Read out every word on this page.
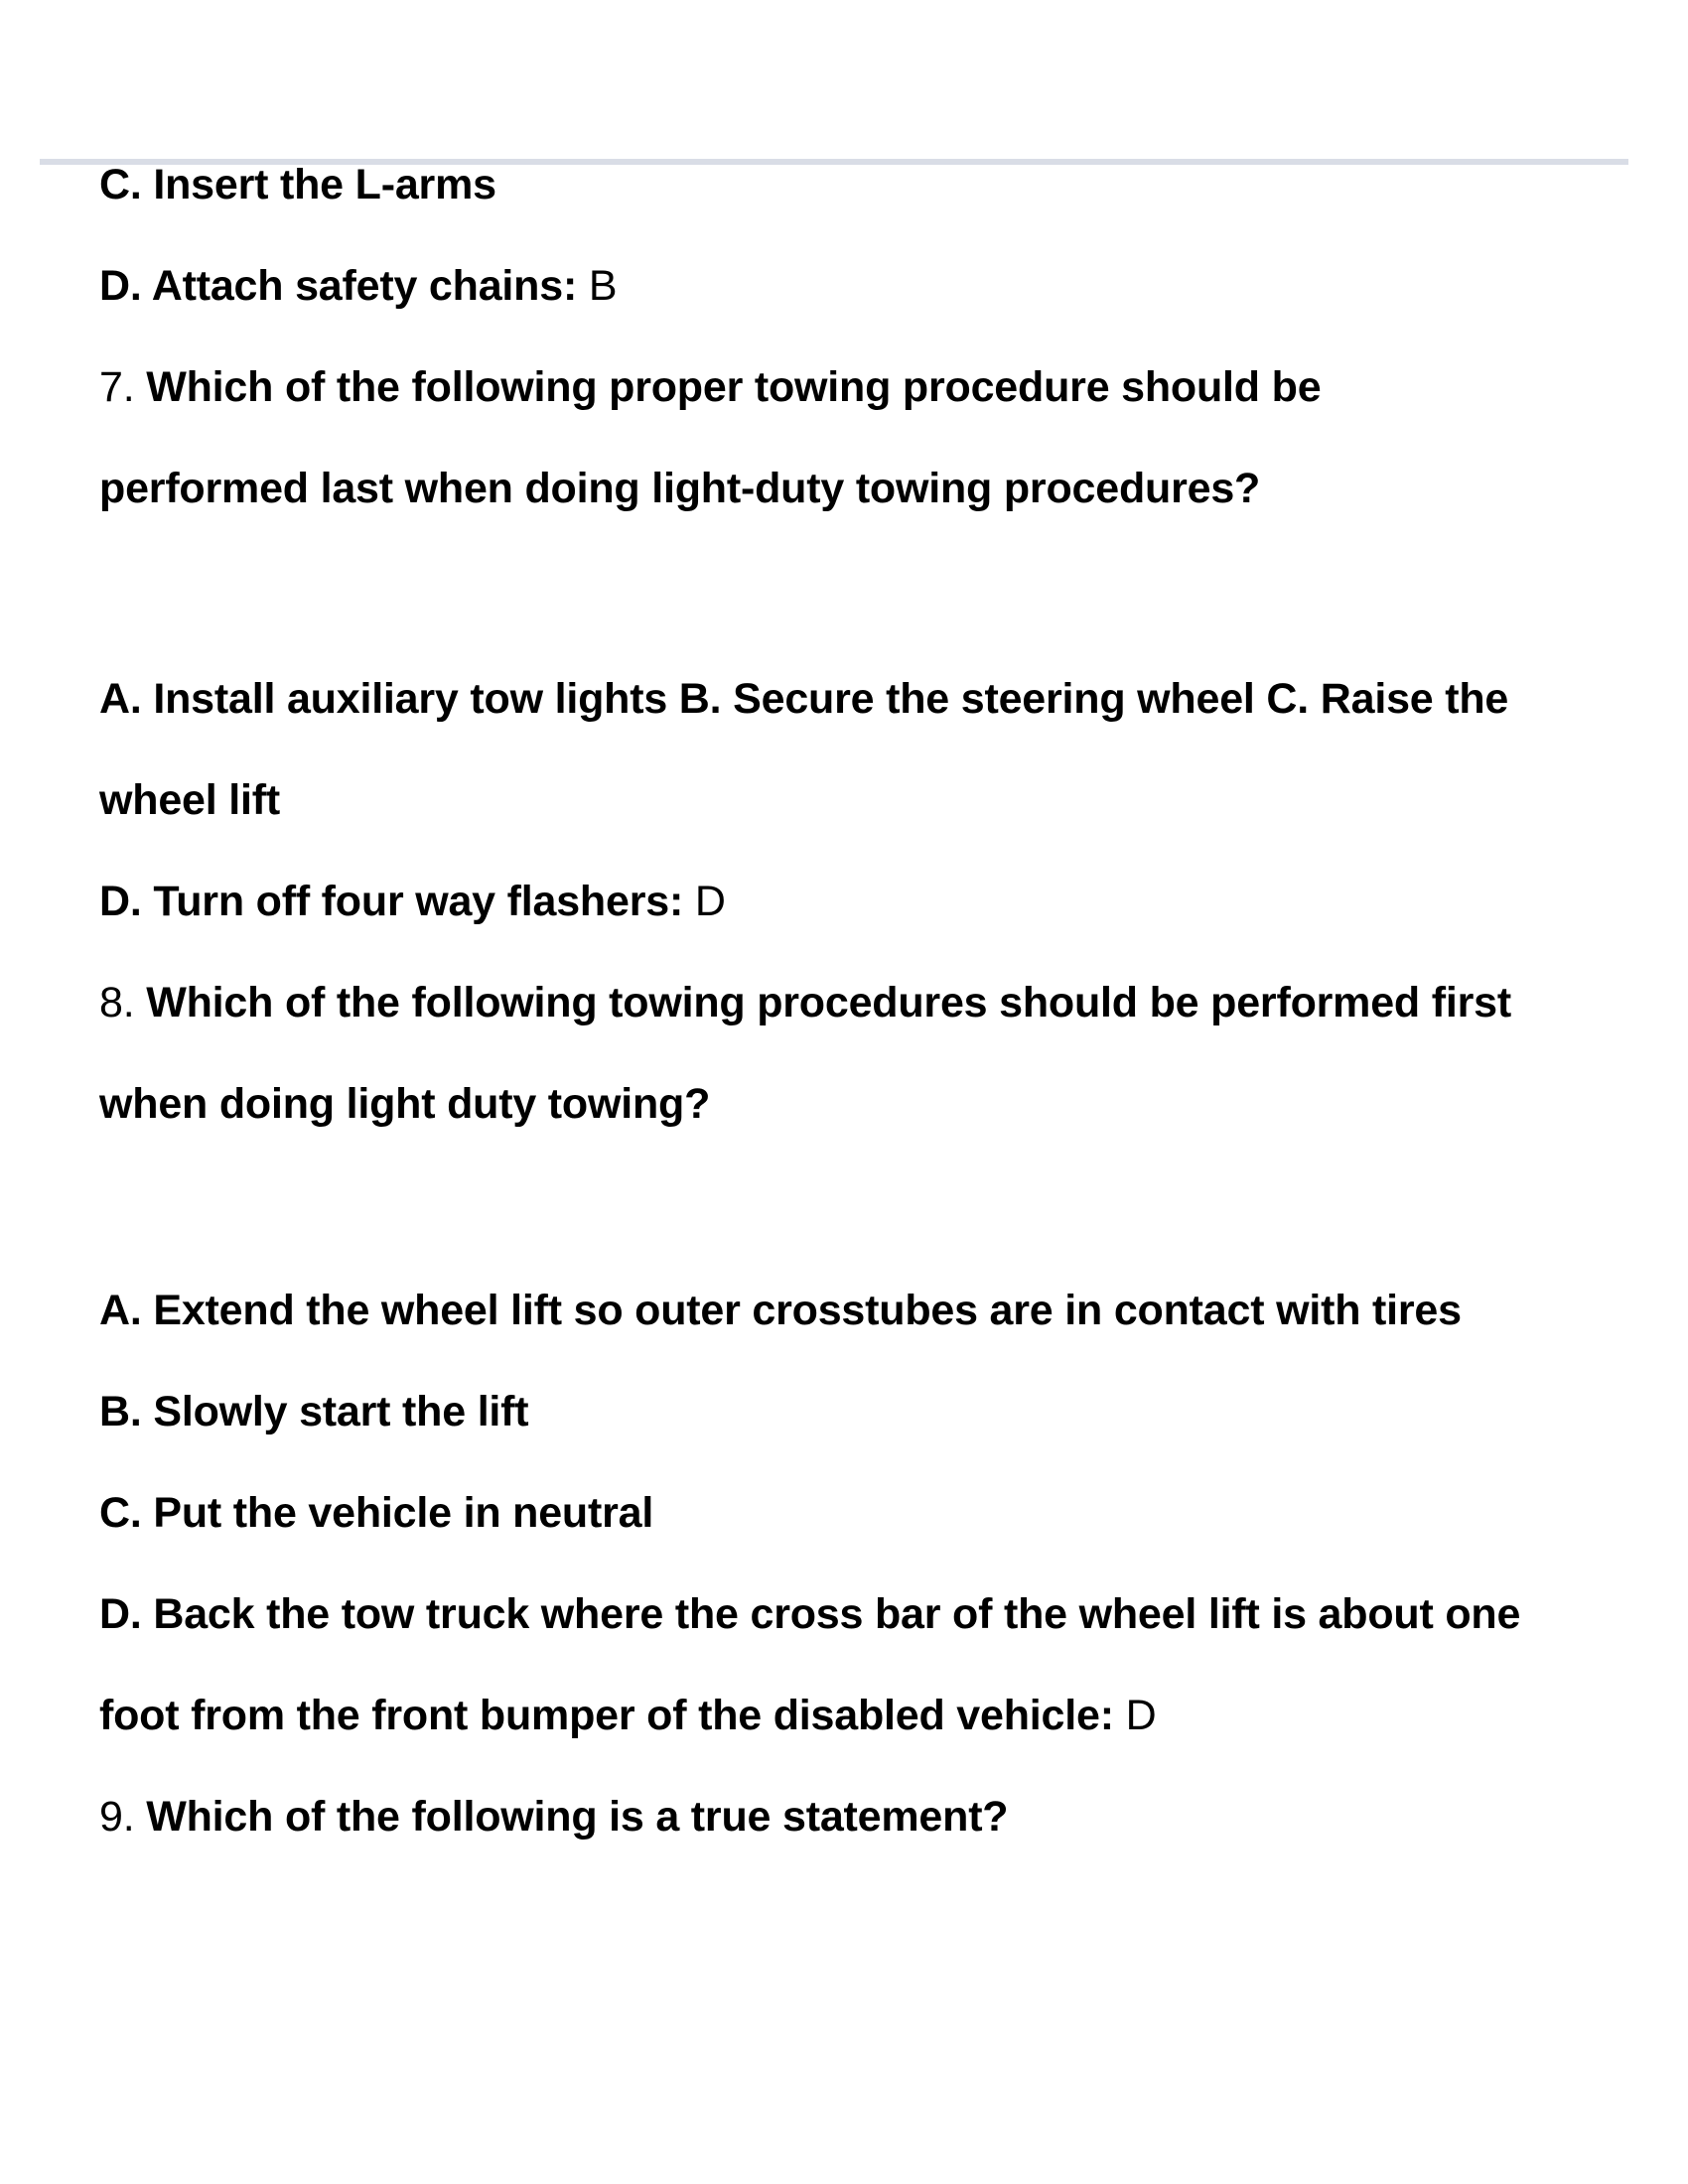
C. Insert the L-arms
D. Attach safety chains: B
7. Which of the following proper towing procedure should be
performed last when doing light-duty towing procedures?
A. Install auxiliary tow lights B. Secure the steering wheel C. Raise the
wheel lift
D. Turn off four way flashers: D
8. Which of the following towing procedures should be performed first
when doing light duty towing?
A. Extend the wheel lift so outer crosstubes are in contact with tires
B. Slowly start the lift
C. Put the vehicle in neutral
D. Back the tow truck where the cross bar of the wheel lift is about one
foot from the front bumper of the disabled vehicle: D
9. Which of the following is a true statement?
